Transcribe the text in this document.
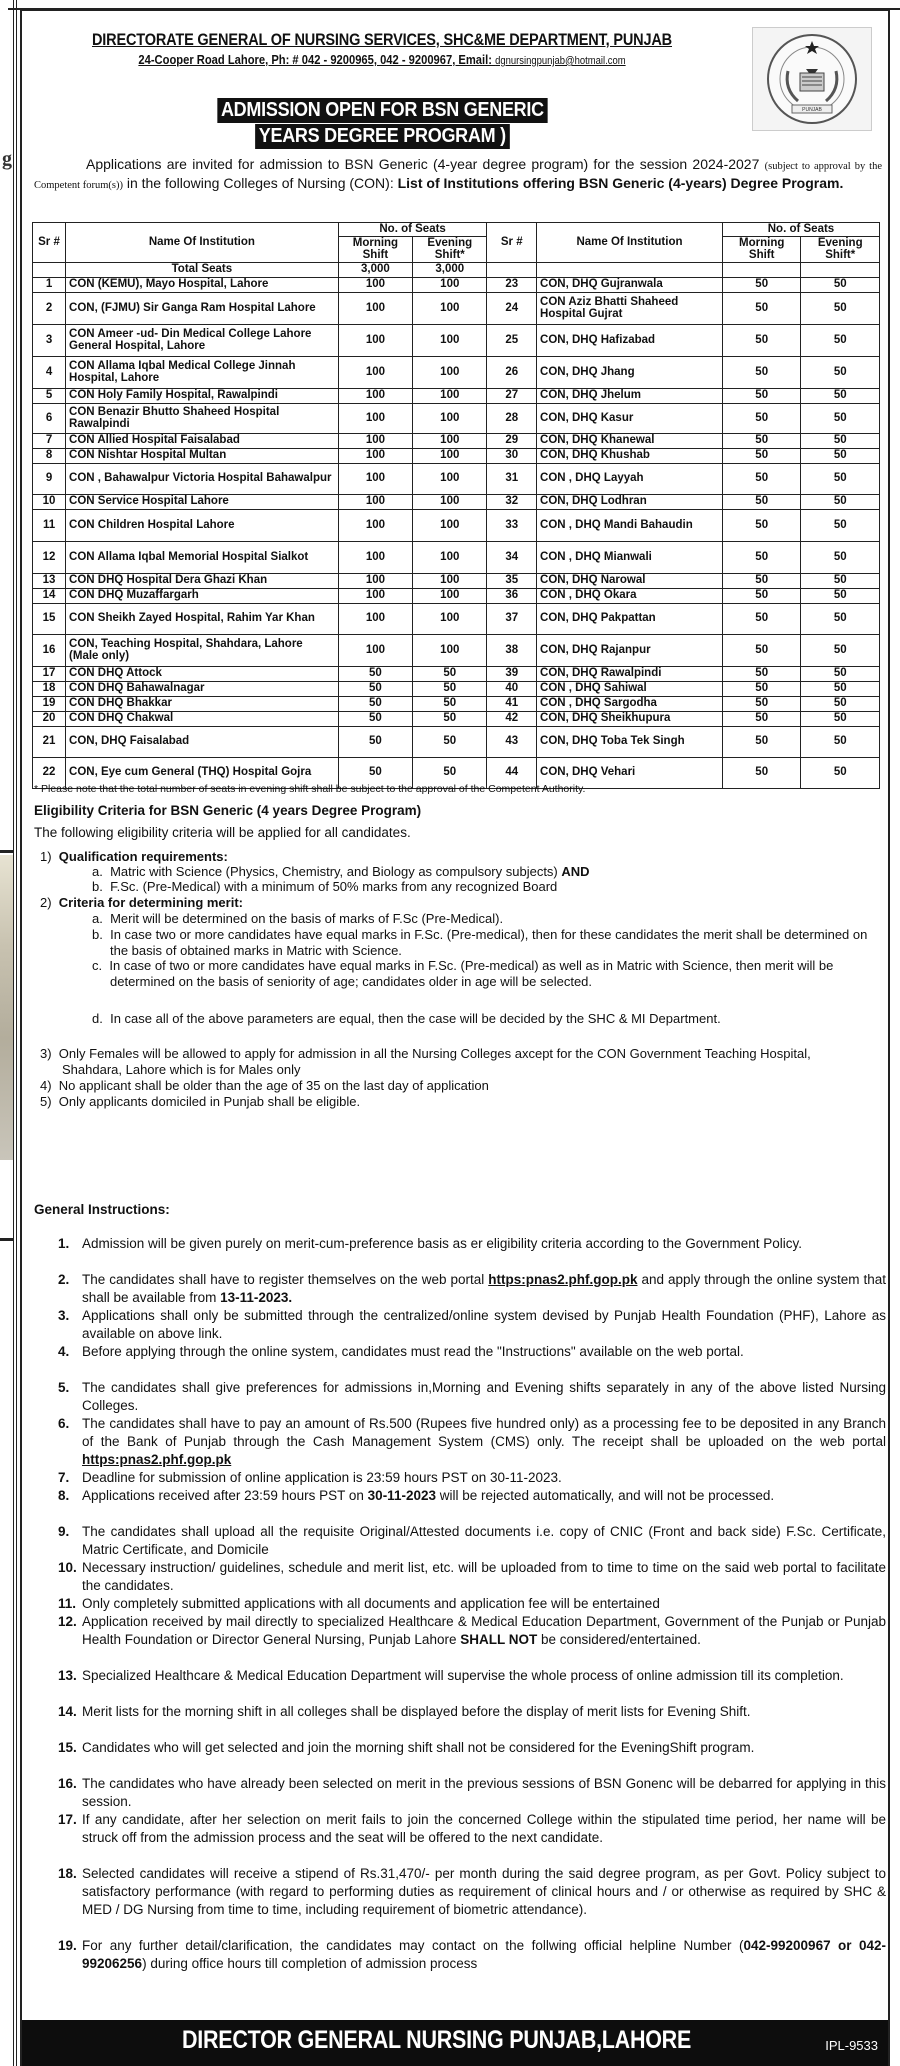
g
DIRECTORATE GENERAL OF NURSING SERVICES, SHC&ME DEPARTMENT, PUNJAB
24-Cooper Road Lahore, Ph: # 042 - 9200965, 042 - 9200967, Email: dgnursingpunjab@hotmail.com
PUNJAB
ADMISSION OPEN FOR BSN GENERIC
YEARS DEGREE PROGRAM )
Applications are invited for admission to BSN Generic (4-year degree program) for the session 2024-2027 (subject to approval by the Competent forum(s)) in the following Colleges of Nursing (CON): List of Institutions offering BSN Generic (4-years) Degree Program.
Sr #	Name Of Institution	No. of Seats		Sr #	Name Of Institution	No. of Seats	
		Morning Shift	Evening Shift*			Morning Shift	Evening Shift*
	Total Seats	3,000	3,000				
1	CON (KEMU), Mayo Hospital, Lahore	100	100	23	CON, DHQ Gujranwala	50	50
2	CON, (FJMU) Sir Ganga Ram Hospital Lahore	100	100	24	CON Aziz Bhatti Shaheed Hospital Gujrat	50	50
3	CON Ameer -ud- Din Medical College Lahore General Hospital, Lahore	100	100	25	CON, DHQ Hafizabad	50	50
4	CON Allama Iqbal Medical College Jinnah Hospital, Lahore	100	100	26	CON, DHQ Jhang	50	50
5	CON Holy Family Hospital, Rawalpindi	100	100	27	CON, DHQ Jhelum	50	50
6	CON Benazir Bhutto Shaheed Hospital Rawalpindi	100	100	28	CON, DHQ Kasur	50	50
7	CON Allied Hospital Faisalabad	100	100	29	CON, DHQ Khanewal	50	50
8	CON Nishtar Hospital Multan	100	100	30	CON, DHQ Khushab	50	50
9	CON , Bahawalpur Victoria Hospital Bahawalpur	100	100	31	CON , DHQ Layyah	50	50
10	CON Service Hospital Lahore	100	100	32	CON, DHQ Lodhran	50	50
11	CON Children Hospital Lahore	100	100	33	CON , DHQ Mandi Bahaudin	50	50
12	CON Allama Iqbal Memorial Hospital Sialkot	100	100	34	CON , DHQ Mianwali	50	50
13	CON DHQ Hospital Dera Ghazi Khan	100	100	35	CON, DHQ Narowal	50	50
14	CON DHQ Muzaffargarh	100	100	36	CON , DHQ Okara	50	50
15	CON Sheikh Zayed Hospital, Rahim Yar Khan	100	100	37	CON, DHQ Pakpattan	50	50
16	CON, Teaching Hospital, Shahdara, Lahore (Male only)	100	100	38	CON, DHQ Rajanpur	50	50
17	CON DHQ Attock	50	50	39	CON, DHQ Rawalpindi	50	50
18	CON DHQ Bahawalnagar	50	50	40	CON , DHQ Sahiwal	50	50
19	CON DHQ Bhakkar	50	50	41	CON , DHQ Sargodha	50	50
20	CON DHQ Chakwal	50	50	42	CON, DHQ Sheikhupura	50	50
21	CON, DHQ Faisalabad	50	50	43	CON, DHQ Toba Tek Singh	50	50
22	CON, Eye cum General (THQ) Hospital Gojra	50	50	44	CON, DHQ Vehari	50	50
* Please note that the total number of seats in evening shift shall be subject to the approval of the Competent Authority.
Eligibility Criteria for BSN Generic (4 years Degree Program)
The following eligibility criteria will be applied for all candidates.
1) Qualification requirements:
a. Matric with Science (Physics, Chemistry, and Biology as compulsory subjects) AND
b. F.Sc. (Pre-Medical) with a minimum of 50% marks from any recognized Board
2) Criteria for determining merit:
a. Merit will be determined on the basis of marks of F.Sc (Pre-Medical).
b. In case two or more candidates have equal marks in F.Sc. (Pre-medical), then for these candidates the merit shall be determined on the basis of obtained marks in Matric with Science.
c. In case of two or more candidates have equal marks in F.Sc. (Pre-medical) as well as in Matric with Science, then merit will be determined on the basis of seniority of age; candidates older in age will be selected.
d. In case all of the above parameters are equal, then the case will be decided by the SHC & MI Department.
3) Only Females will be allowed to apply for admission in all the Nursing Colleges axcept for the CON Government Teaching Hospital, Shahdara, Lahore which is for Males only
4) No applicant shall be older than the age of 35 on the last day of application
5) Only applicants domiciled in Punjab shall be eligible.
General Instructions:
1. Admission will be given purely on merit-cum-preference basis as er eligibility criteria according to the Government Policy.
2. The candidates shall have to register themselves on the web portal https:pnas2.phf.gop.pk and apply through the online system that shall be available from 13-11-2023.
3. Applications shall only be submitted through the centralized/online system devised by Punjab Health Foundation (PHF), Lahore as available on above link.
4. Before applying through the online system, candidates must read the "Instructions" available on the web portal.
5. The candidates shall give preferences for admissions in,Morning and Evening shifts separately in any of the above listed Nursing Colleges.
6. The candidates shall have to pay an amount of Rs.500 (Rupees five hundred only) as a processing fee to be deposited in any Branch of the Bank of Punjab through the Cash Management System (CMS) only. The receipt shall be uploaded on the web portal https:pnas2.phf.gop.pk
7. Deadline for submission of online application is 23:59 hours PST on 30-11-2023.
8. Applications received after 23:59 hours PST on 30-11-2023 will be rejected automatically, and will not be processed.
9. The candidates shall upload all the requisite Original/Attested documents i.e. copy of CNIC (Front and back side) F.Sc. Certificate, Matric Certificate, and Domicile
10. Necessary instruction/ guidelines, schedule and merit list, etc. will be uploaded from to time to time on the said web portal to facilitate the candidates.
11. Only completely submitted applications with all documents and application fee will be entertained
12. Application received by mail directly to specialized Healthcare & Medical Education Department, Government of the Punjab or Punjab Health Foundation or Director General Nursing, Punjab Lahore SHALL NOT be considered/entertained.
13. Specialized Healthcare & Medical Education Department will supervise the whole process of online admission till its completion.
14. Merit lists for the morning shift in all colleges shall be displayed before the display of merit lists for Evening Shift.
15. Candidates who will get selected and join the morning shift shall not be considered for the EveningShift program.
16. The candidates who have already been selected on merit in the previous sessions of BSN Gonenc will be debarred for applying in this session.
17. If any candidate, after her selection on merit fails to join the concerned College within the stipulated time period, her name will be struck off from the admission process and the seat will be offered to the next candidate.
18. Selected candidates will receive a stipend of Rs.31,470/- per month during the said degree program, as per Govt. Policy subject to satisfactory performance (with regard to performing duties as requirement of clinical hours and / or otherwise as required by SHC & MED / DG Nursing from time to time, including requirement of biometric attendance).
19. For any further detail/clarification, the candidates may contact on the follwing official helpline Number (042-99200967 or 042-99206256) during office hours till completion of admission process
DIRECTOR GENERAL NURSING PUNJAB,LAHORE	IPL-9533
